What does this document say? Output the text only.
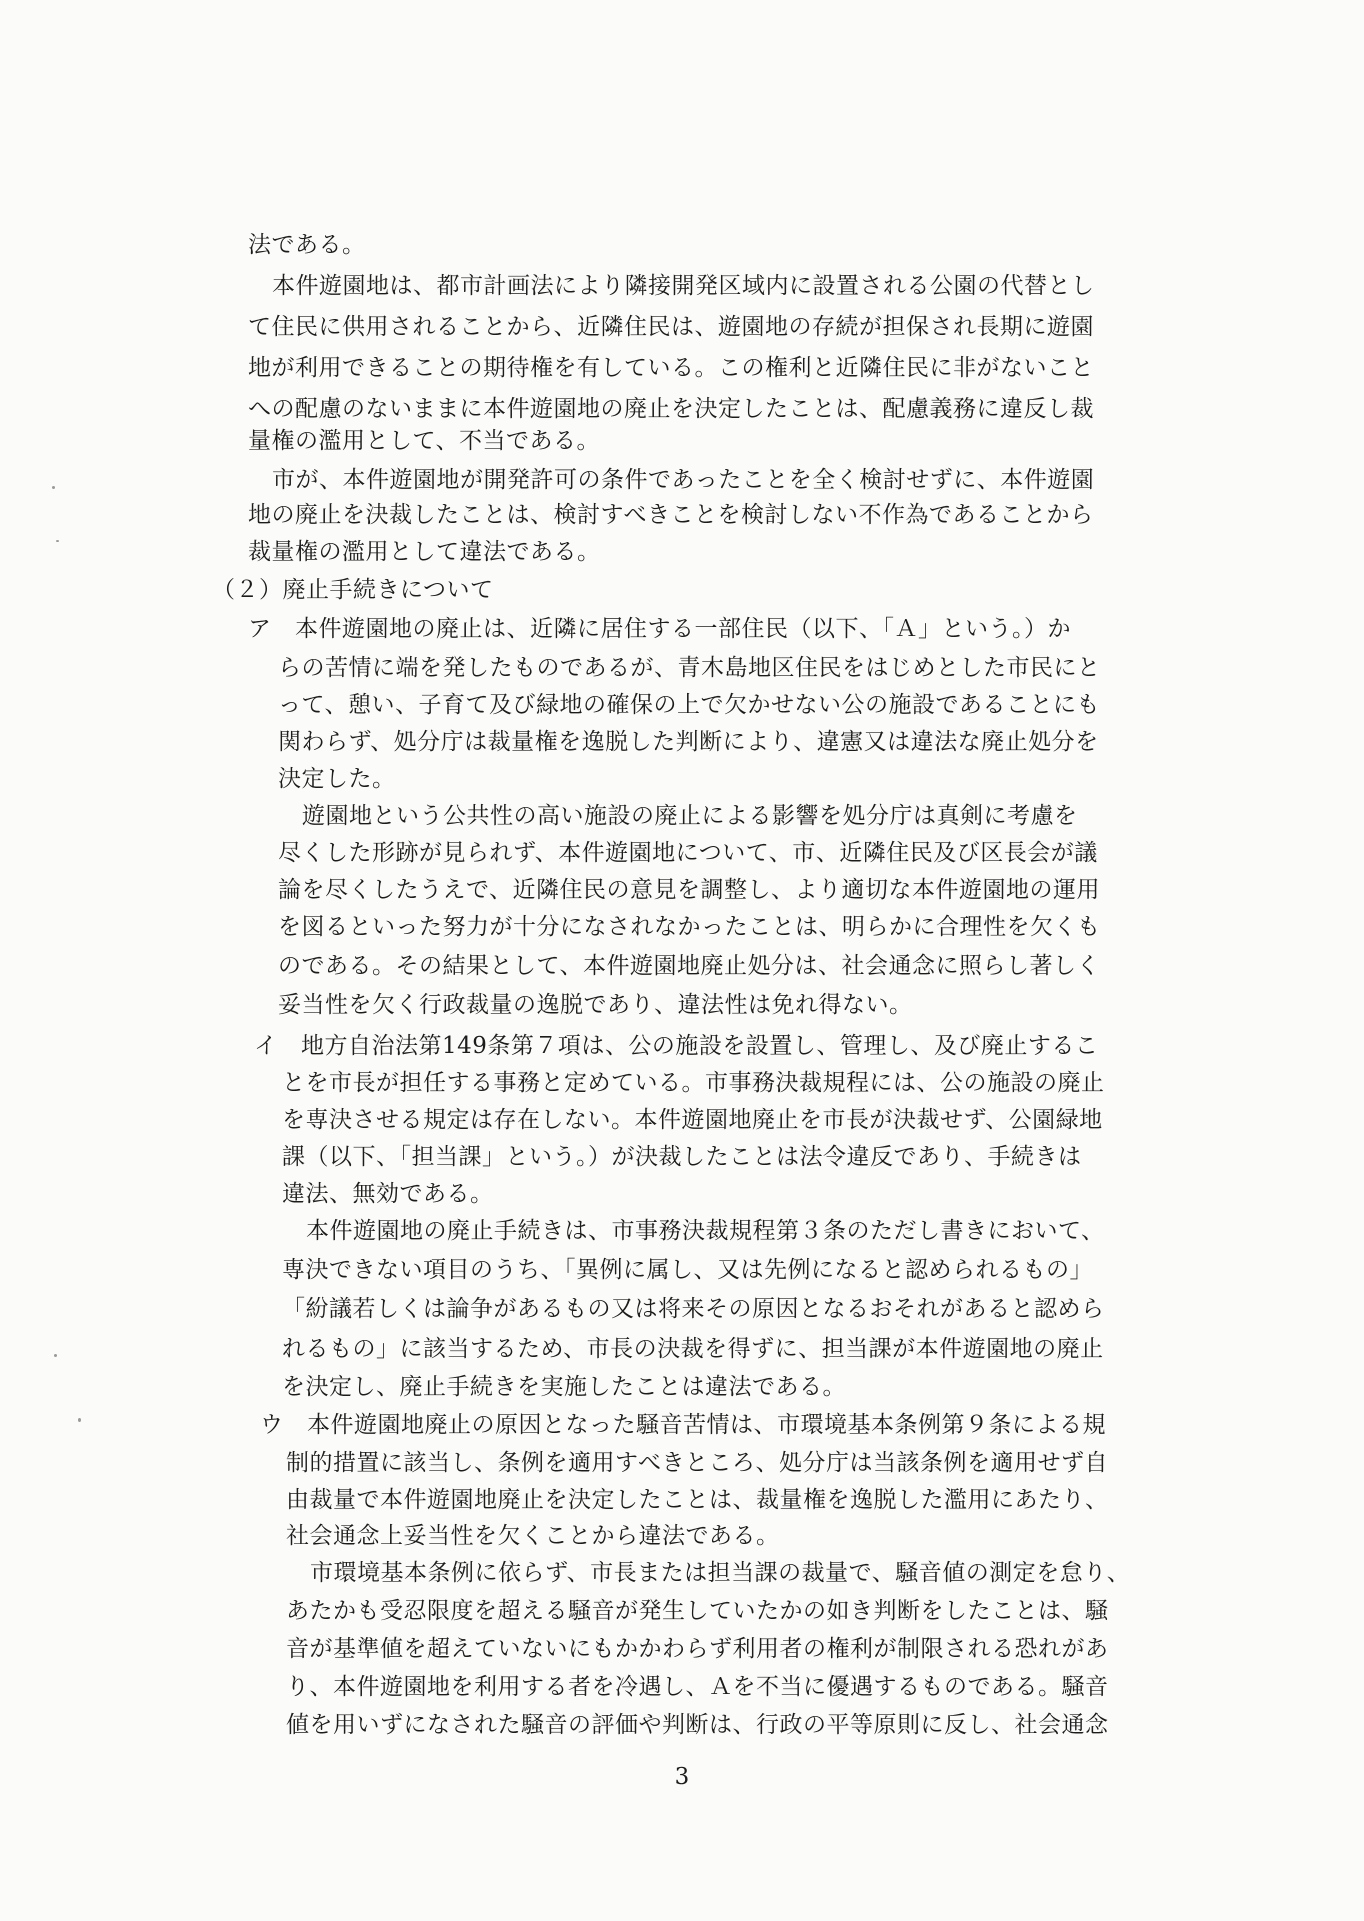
法である。
本件遊園地は、都市計画法により隣接開発区域内に設置される公園の代替とし
て住民に供用されることから、近隣住民は、遊園地の存続が担保され長期に遊園
地が利用できることの期待権を有している。この権利と近隣住民に非がないこと
への配慮のないままに本件遊園地の廃止を決定したことは、配慮義務に違反し裁
量権の濫用として、不当である。
市が、本件遊園地が開発許可の条件であったことを全く検討せずに、本件遊園
地の廃止を決裁したことは、検討すべきことを検討しない不作為であることから
裁量権の濫用として違法である。
（２）廃止手続きについて
ア　本件遊園地の廃止は、近隣に居住する一部住民（以下、「Ａ」という。）か
らの苦情に端を発したものであるが、青木島地区住民をはじめとした市民にと
って、憩い、子育て及び緑地の確保の上で欠かせない公の施設であることにも
関わらず、処分庁は裁量権を逸脱した判断により、違憲又は違法な廃止処分を
決定した。
遊園地という公共性の高い施設の廃止による影響を処分庁は真剣に考慮を
尽くした形跡が見られず、本件遊園地について、市、近隣住民及び区長会が議
論を尽くしたうえで、近隣住民の意見を調整し、より適切な本件遊園地の運用
を図るといった努力が十分になされなかったことは、明らかに合理性を欠くも
のである。その結果として、本件遊園地廃止処分は、社会通念に照らし著しく
妥当性を欠く行政裁量の逸脱であり、違法性は免れ得ない。
イ　地方自治法第149条第７項は、公の施設を設置し、管理し、及び廃止するこ
とを市長が担任する事務と定めている。市事務決裁規程には、公の施設の廃止
を専決させる規定は存在しない。本件遊園地廃止を市長が決裁せず、公園緑地
課（以下、「担当課」という。）が決裁したことは法令違反であり、手続きは
違法、無効である。
本件遊園地の廃止手続きは、市事務決裁規程第３条のただし書きにおいて、
専決できない項目のうち、「異例に属し、又は先例になると認められるもの」
「紛議若しくは論争があるもの又は将来その原因となるおそれがあると認めら
れるもの」に該当するため、市長の決裁を得ずに、担当課が本件遊園地の廃止
を決定し、廃止手続きを実施したことは違法である。
ウ　本件遊園地廃止の原因となった騒音苦情は、市環境基本条例第９条による規
制的措置に該当し、条例を適用すべきところ、処分庁は当該条例を適用せず自
由裁量で本件遊園地廃止を決定したことは、裁量権を逸脱した濫用にあたり、
社会通念上妥当性を欠くことから違法である。
市環境基本条例に依らず、市長または担当課の裁量で、騒音値の測定を怠り、
あたかも受忍限度を超える騒音が発生していたかの如き判断をしたことは、騒
音が基準値を超えていないにもかかわらず利用者の権利が制限される恐れがあ
り、本件遊園地を利用する者を冷遇し、Ａを不当に優遇するものである。騒音
値を用いずになされた騒音の評価や判断は、行政の平等原則に反し、社会通念
3
